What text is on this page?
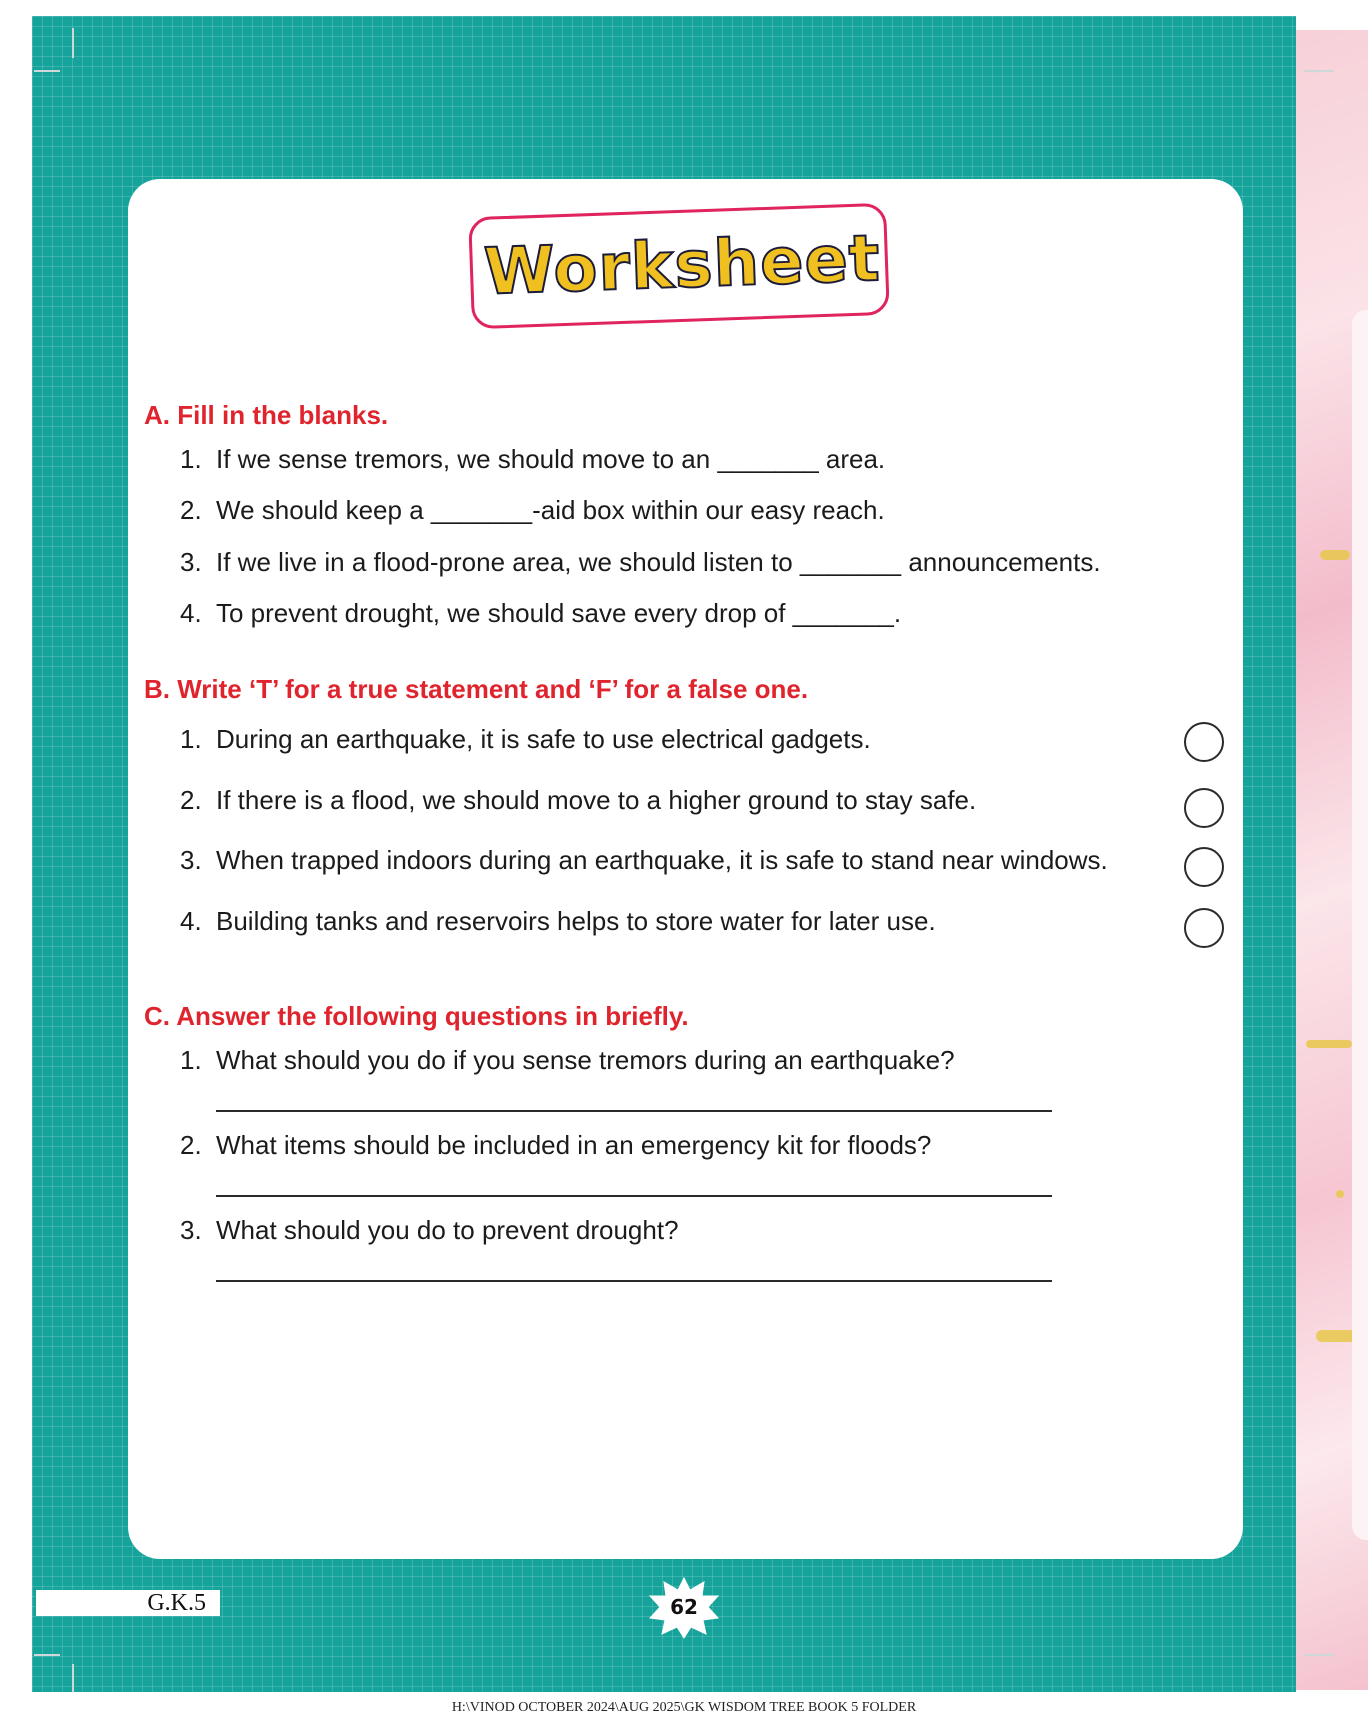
Worksheet

A. Fill in the blanks.

1. If we sense tremors, we should move to an _______ area.

2. We should keep a _______-aid box within our easy reach.

3. If we live in a flood-prone area, we should listen to _______ announcements.

4. To prevent drought, we should save every drop of _______.

B. Write ‘T’ for a true statement and ‘F’ for a false one.

1. During an earthquake, it is safe to use electrical gadgets.

2. If there is a flood, we should move to a higher ground to stay safe.

3. When trapped indoors during an earthquake, it is safe to stand near windows.

4. Building tanks and reservoirs helps to store water for later use.

C. Answer the following questions in briefly.

1. What should you do if you sense tremors during an earthquake?

2. What items should be included in an emergency kit for floods?

3. What should you do to prevent drought?

G.K.5	62
H:\VINOD OCTOBER 2024\AUG 2025\GK WISDOM TREE BOOK 5 FOLDER
